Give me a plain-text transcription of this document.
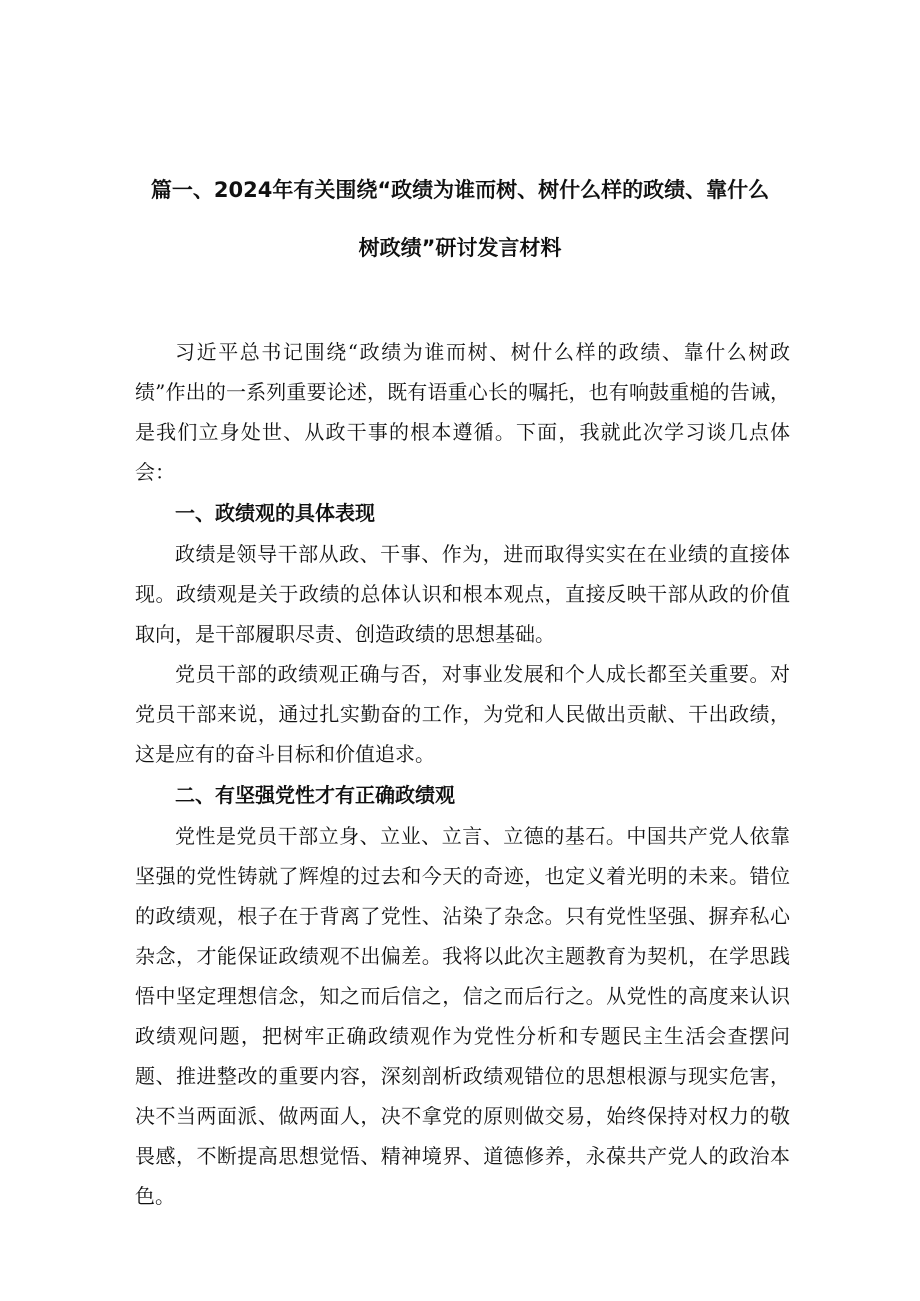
篇一、2024年有关围绕“政绩为谁而树、树什么样的政绩、靠什么
树政绩”研讨发言材料

习近平总书记围绕“政绩为谁而树、树什么样的政绩、靠什么树政绩”作出的一系列重要论述，既有语重心长的嘱托，也有响鼓重槌的告诫，是我们立身处世、从政干事的根本遵循。下面，我就此次学习谈几点体会：

一、政绩观的具体表现

政绩是领导干部从政、干事、作为，进而取得实实在在业绩的直接体现。政绩观是关于政绩的总体认识和根本观点，直接反映干部从政的价值取向，是干部履职尽责、创造政绩的思想基础。

党员干部的政绩观正确与否，对事业发展和个人成长都至关重要。对党员干部来说，通过扎实勤奋的工作，为党和人民做出贡献、干出政绩，这是应有的奋斗目标和价值追求。

二、有坚强党性才有正确政绩观

党性是党员干部立身、立业、立言、立德的基石。中国共产党人依靠坚强的党性铸就了辉煌的过去和今天的奇迹，也定义着光明的未来。错位的政绩观，根子在于背离了党性、沾染了杂念。只有党性坚强、摒弃私心杂念，才能保证政绩观不出偏差。我将以此次主题教育为契机，在学思践悟中坚定理想信念，知之而后信之，信之而后行之。从党性的高度来认识政绩观问题，把树牢正确政绩观作为党性分析和专题民主生活会查摆问题、推进整改的重要内容，深刻剖析政绩观错位的思想根源与现实危害，决不当两面派、做两面人，决不拿党的原则做交易，始终保持对权力的敬畏感，不断提高思想觉悟、精神境界、道德修养，永葆共产党人的政治本色。
